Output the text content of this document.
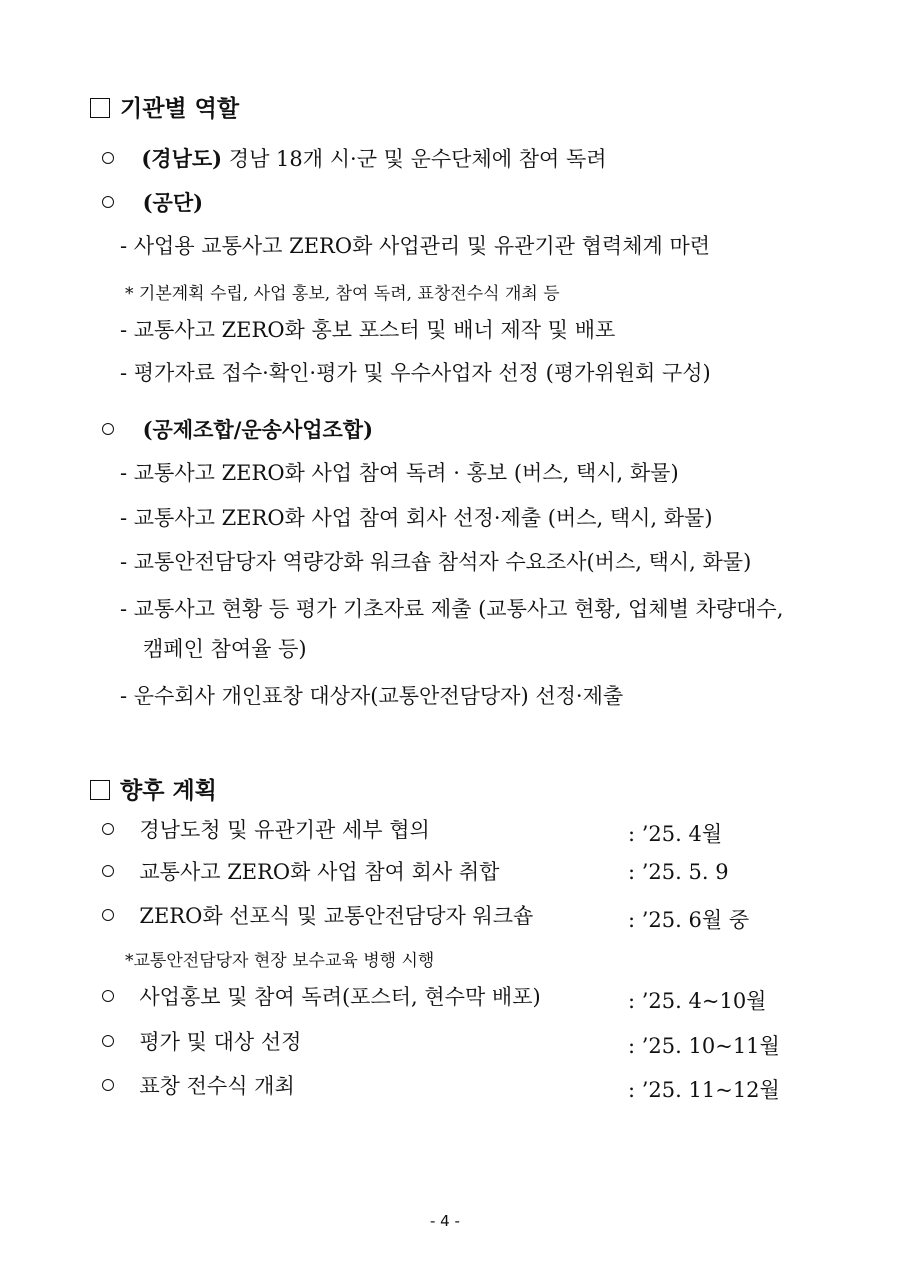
기관별 역할
(경남도) 경남 18개 시·군 및 운수단체에 참여 독려
(공단)
- 사업용 교통사고 ZERO화 사업관리 및 유관기관 협력체계 마련
* 기본계획 수립, 사업 홍보, 참여 독려, 표창전수식 개최 등
- 교통사고 ZERO화 홍보 포스터 및 배너 제작 및 배포
- 평가자료 접수·확인·평가 및 우수사업자 선정 (평가위원회 구성)
(공제조합/운송사업조합)
- 교통사고 ZERO화 사업 참여 독려 · 홍보 (버스, 택시, 화물)
- 교통사고 ZERO화 사업 참여 회사 선정·제출 (버스, 택시, 화물)
- 교통안전담당자 역량강화 워크숍 참석자 수요조사(버스, 택시, 화물)
- 교통사고 현황 등 평가 기초자료 제출 (교통사고 현황, 업체별 차량대수,
캠페인 참여율 등)
- 운수회사 개인표창 대상자(교통안전담당자) 선정·제출
향후 계획
경남도청 및 유관기관 세부 협의	: ’25. 4월
교통사고 ZERO화 사업 참여 회사 취합	: ’25. 5. 9
ZERO화 선포식 및 교통안전담당자 워크숍	: ’25. 6월 중
*교통안전담당자 현장 보수교육 병행 시행
사업홍보 및 참여 독려(포스터, 현수막 배포)	: ’25. 4~10월
평가 및 대상 선정	: ’25. 10~11월
표창 전수식 개최	: ’25. 11~12월
- 4 -
